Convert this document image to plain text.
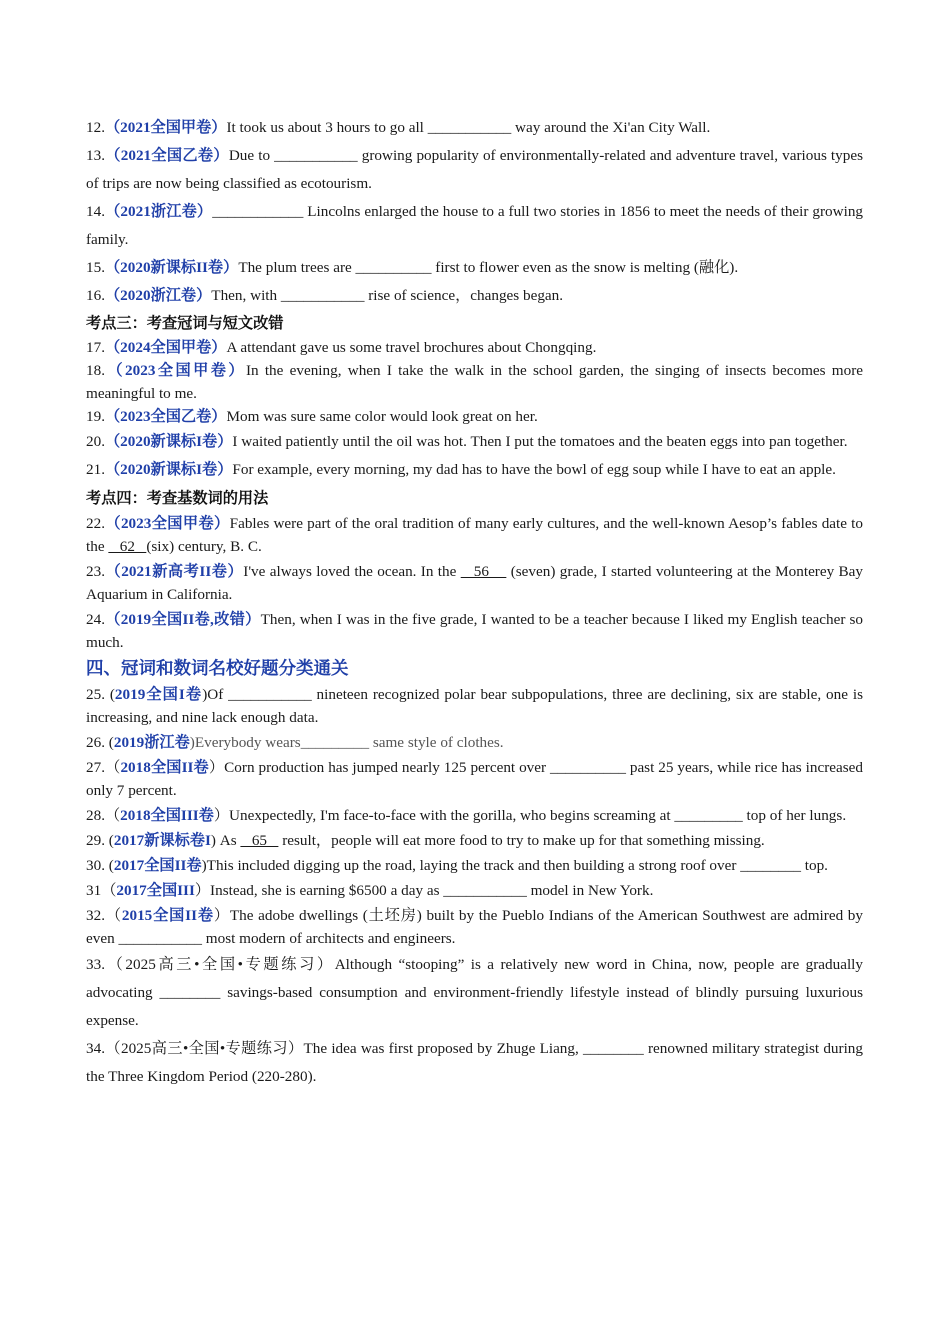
12.（2021全国甲卷）It took us about 3 hours to go all ___________ way around the Xi'an City Wall.
13.（2021全国乙卷）Due to ___________ growing popularity of environmentally-related and adventure travel, various types of trips are now being classified as ecotourism.
14.（2021浙江卷）____________ Lincolns enlarged the house to a full two stories in 1856 to meet the needs of their growing family.
15.（2020新课标II卷）The plum trees are __________ first to flower even as the snow is melting (融化).
16.（2020浙江卷）Then, with ___________ rise of science，changes began.
考点三：考查冠词与短文改错
17.（2024全国甲卷）A attendant gave us some travel brochures about Chongqing.
18.（2023全国甲卷）In the evening, when I take the walk in the school garden, the singing of insects becomes more meaningful to me.
19.（2023全国乙卷）Mom was sure same color would look great on her.
20.（2020新课标I卷）I waited patiently until the oil was hot. Then I put the tomatoes and the beaten eggs into pan together.
21.（2020新课标I卷）For example, every morning, my dad has to have the bowl of egg soup while I have to eat an apple.
考点四：考查基数词的用法
22.（2023全国甲卷）Fables were part of the oral tradition of many early cultures, and the well-known Aesop’s fables date to the    62   (six) century, B. C.
23.（2021新高考II卷）I've always loved the ocean. In the    56     (seven) grade, I started volunteering at the Monterey Bay Aquarium in California.
24.（2019全国II卷,改错）Then, when I was in the five grade, I wanted to be a teacher because I liked my English teacher so much.
四、冠词和数词名校好题分类通关
25. (2019全国I卷)Of ___________ nineteen recognized polar bear subpopulations, three are declining, six are stable, one is increasing, and nine lack enough data.
26. (2019浙江卷)Everybody wears_________ same style of clothes.
27.（2018全国II卷）Corn production has jumped nearly 125 percent over __________ past 25 years, while rice has increased only 7 percent.
28.（2018全国III卷）Unexpectedly, I'm face-to-face with the gorilla, who begins screaming at _________ top of her lungs.
29. (2017新课标卷I) As    65    result，people will eat more food to try to make up for that something missing.
30. (2017全国II卷)This included digging up the road, laying the track and then building a strong roof over ________ top.
31（2017全国III）Instead, she is earning $6500 a day as ___________ model in New York.
32.（2015全国II卷）The adobe dwellings (土坯房) built by the Pueblo Indians of the American Southwest are admired by even ___________ most modern of architects and engineers.
33.（2025高三•全国•专题练习）Although “stooping” is a relatively new word in China, now, people are gradually advocating ________ savings-based consumption and environment-friendly lifestyle instead of blindly pursuing luxurious expense.
34.（2025高三•全国•专题练习）The idea was first proposed by Zhuge Liang, ________ renowned military strategist during the Three Kingdom Period (220-280).
